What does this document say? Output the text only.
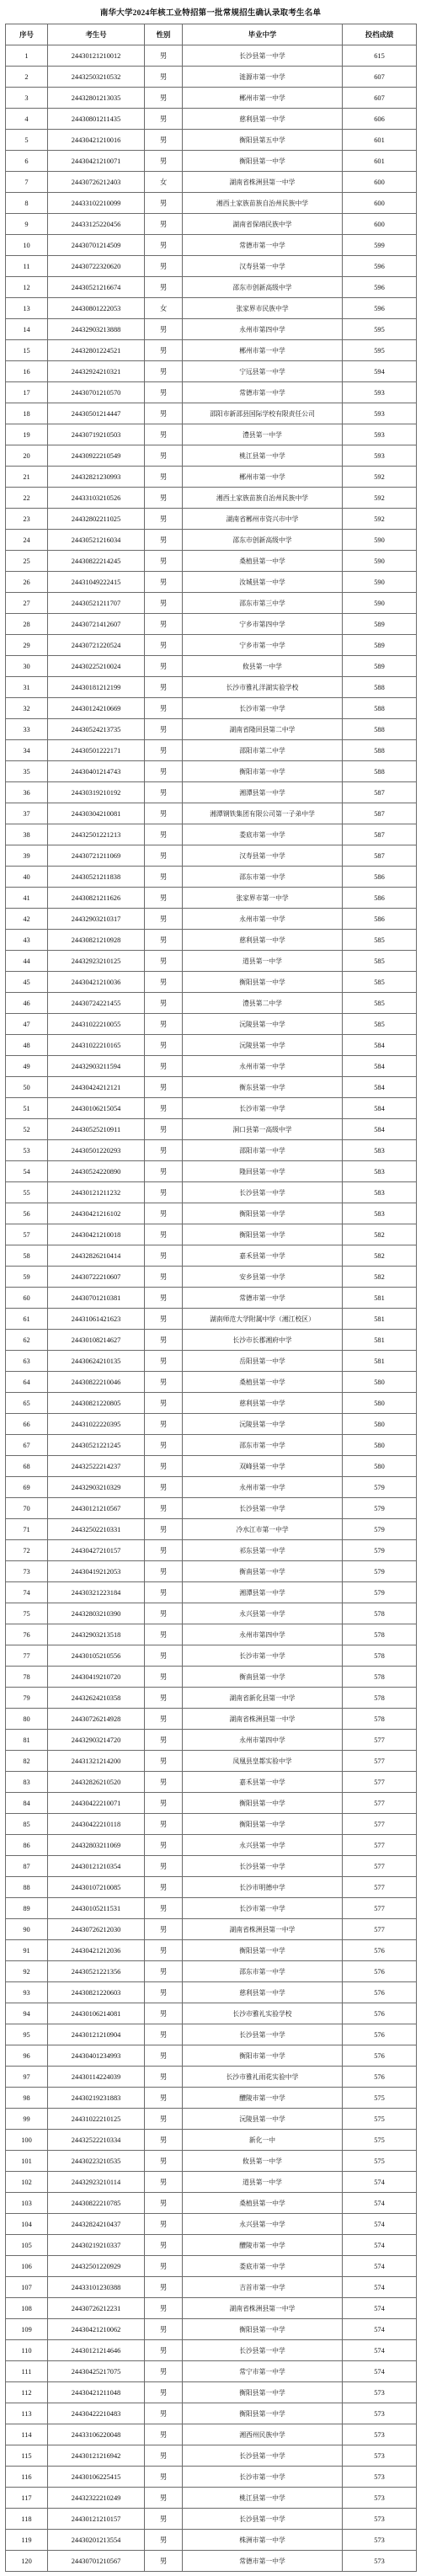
南华大学2024年核工业特招第一批常规招生确认录取考生名单
序号	考生号	性别	毕业中学	投档成绩
1	24430121210012	男	长沙县第一中学	615
2	24432503210532	男	涟源市第一中学	607
3	24432801213035	男	郴州市第一中学	607
4	24430801211435	男	慈利县第一中学	606
5	24430421210016	男	衡阳县第五中学	601
6	24430421210071	男	衡阳县第一中学	601
7	24430726212403	女	湖南省株洲县第一中学	600
8	24433102210099	男	湘西土家族苗族自治州民族中学	600
9	24433125220456	男	湖南省保靖民族中学	600
10	24430701214509	男	常德市第一中学	599
11	24430722320620	男	汉寿县第一中学	596
12	24430521216674	男	邵东市创新高级中学	596
13	24430801222053	女	张家界市民族中学	596
14	24432903213888	男	永州市第四中学	595
15	24432801224521	男	郴州市第一中学	595
16	24432924210321	男	宁远县第一中学	594
17	24430701210570	男	常德市第一中学	593
18	24430501214447	男	邵阳市新邵县国际学校有限责任公司	593
19	24430719210503	男	澧县第一中学	593
20	24430922210549	男	桃江县第一中学	593
21	24432821230993	男	郴州市第一中学	592
22	24433103210526	男	湘西土家族苗族自治州民族中学	592
23	24432802211025	男	湖南省郴州市资兴市中学	592
24	24430521216034	男	邵东市创新高级中学	590
25	24430822214245	男	桑植县第一中学	590
26	24431049222415	男	汝城县第一中学	590
27	24430521211707	男	邵东市第三中学	590
28	24430721412607	男	宁乡市第四中学	589
29	24430721220524	男	宁乡市第一中学	589
30	24430225210024	男	攸县第一中学	589
31	24430181212199	男	长沙市雅礼洋湖实验学校	588
32	24430124210669	男	长沙市第一中学	588
33	24430524213735	男	湖南省隆回县第二中学	588
34	24430501222171	男	邵阳市第二中学	588
35	24430401214743	男	衡阳市第一中学	588
36	24430319210192	男	湘潭县第一中学	587
37	24430304210081	男	湘潭钢铁集团有限公司第一子弟中学	587
38	24432501221213	男	娄底市第一中学	587
39	24430721211069	男	汉寿县第一中学	587
40	24430521211838	男	邵东市第一中学	586
41	24430821211626	男	张家界市第一中学	586
42	24432903210317	男	永州市第一中学	586
43	24430821210928	男	慈利县第一中学	585
44	24432923210125	男	道县第一中学	585
45	24430421210036	男	衡阳县第一中学	585
46	24430724221455	男	澧县第二中学	585
47	24431022210055	男	沅陵县第一中学	585
48	24431022210165	男	沅陵县第一中学	584
49	24432903211594	男	永州市第一中学	584
50	24430424212121	男	衡东县第一中学	584
51	24430106215054	男	长沙市第一中学	584
52	24430525210911	男	洞口县第一高级中学	584
53	24430501220293	男	邵阳市第一中学	583
54	24430524220890	男	隆回县第一中学	583
55	24430121211232	男	长沙县第一中学	583
56	24430421216102	男	衡阳县第一中学	583
57	24430421210018	男	衡阳县第一中学	582
58	24432826210414	男	嘉禾县第一中学	582
59	24430722210607	男	安乡县第一中学	582
60	24430701210381	男	常德市第一中学	581
61	24431061421623	男	湖南师范大学附属中学（湘江校区）	581
62	24430108214627	男	长沙市长郡湘府中学	581
63	24430624210135	男	岳阳县第一中学	581
64	24430822210046	男	桑植县第一中学	580
65	24430821220805	男	慈利县第一中学	580
66	24431022220395	男	沅陵县第一中学	580
67	24430521221245	男	邵东市第一中学	580
68	24432522214237	男	双峰县第一中学	580
69	24432903210329	男	永州市第一中学	579
70	24430121210567	男	长沙县第一中学	579
71	24432502210331	男	冷水江市第一中学	579
72	24430427210157	男	祁东县第一中学	579
73	24430419212053	男	衡南县第一中学	579
74	24430321223184	男	湘潭县第一中学	579
75	24432803210390	男	永兴县第一中学	578
76	24432903213518	男	永州市第四中学	578
77	24430105210556	男	长沙市第一中学	578
78	24430419210720	男	衡南县第一中学	578
79	24432624210358	男	湖南省新化县第一中学	578
80	24430726214928	男	湖南省株洲县第一中学	578
81	24432903214720	男	永州市第四中学	577
82	24431321214200	男	凤凰县皇都实验中学	577
83	24432826210520	男	嘉禾县第一中学	577
84	24430422210071	男	衡阳县第一中学	577
85	24430422210118	男	衡阳县第一中学	577
86	24432803211069	男	永兴县第一中学	577
87	24430121210354	男	长沙县第一中学	577
88	24430107210085	男	长沙市明德中学	577
89	24430105211531	男	长沙市第一中学	577
90	24430726212030	男	湖南省株洲县第一中学	577
91	24430421212036	男	衡阳县第一中学	576
92	24430521221356	男	邵东市第一中学	576
93	24430821220603	男	慈利县第一中学	576
94	24430106214081	男	长沙市雅礼实验学校	576
95	24430121210904	男	长沙县第一中学	576
96	24430401234993	男	衡阳市第一中学	576
97	24430114224039	男	长沙市雅礼雨花实验中学	576
98	24430219231883	男	醴陵市第一中学	575
99	24431022210125	男	沅陵县第一中学	575
100	24432522210334	男	新化一中	575
101	24430223210535	男	攸县第一中学	575
102	24432923210114	男	道县第一中学	574
103	24430822210785	男	桑植县第一中学	574
104	24432824210437	男	永兴县第一中学	574
105	24430219210337	男	醴陵市第一中学	574
106	24432501220929	男	娄底市第一中学	574
107	24433101230388	男	吉首市第一中学	574
108	24430726212231	男	湖南省株洲县第一中学	574
109	24430421210062	男	衡阳县第一中学	574
110	24430121214646	男	长沙县第一中学	574
111	24430425217075	男	常宁市第一中学	574
112	24430421211048	男	衡阳县第一中学	573
113	24430422210483	男	衡阳县第一中学	573
114	24433106220048	男	湘西州民族中学	573
115	24430121216942	男	长沙县第一中学	573
116	24430106225415	男	长沙市第一中学	573
117	24432322210249	男	桃江县第一中学	573
118	24430121210157	男	长沙县第一中学	573
119	24430201213554	男	株洲市第一中学	573
120	24430701210567	男	常德市第一中学	573
